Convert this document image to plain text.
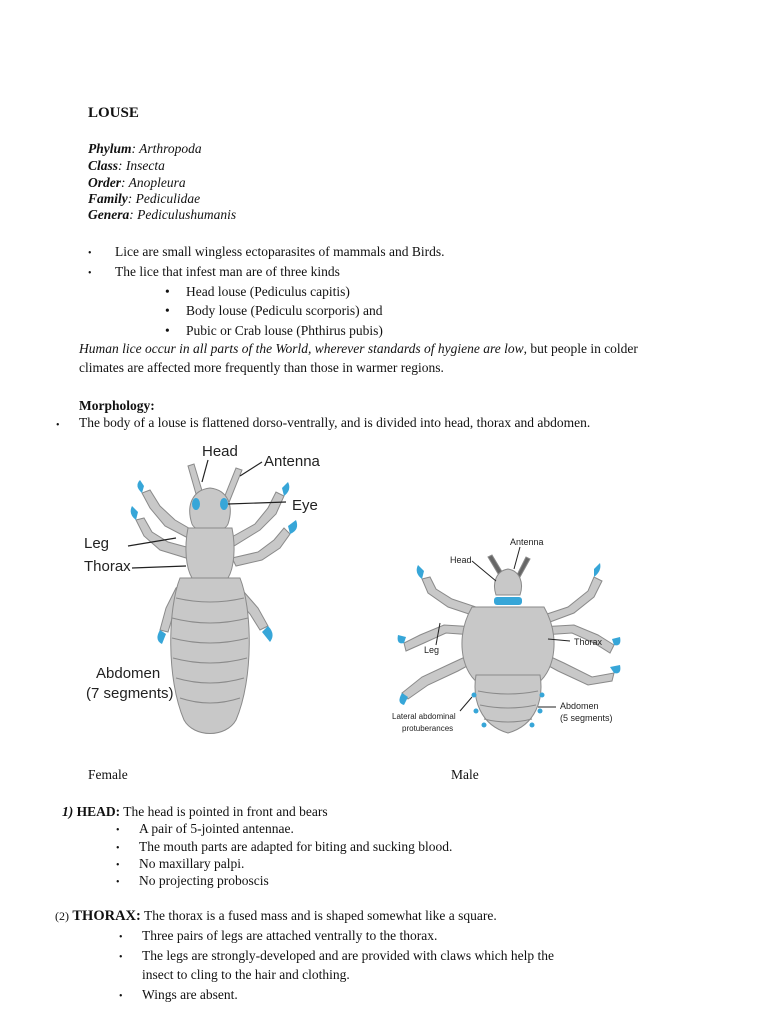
LOUSE
Phylum: Arthropoda
Class: Insecta
Order: Anopleura
Family: Pediculidae
Genera: Pediculushumanis
• Lice are small wingless ectoparasites of mammals and Birds.
• The lice that infest man are of three kinds
• Head louse (Pediculus capitis)
• Body louse (Pediculu scorporis) and
• Pubic or Crab louse (Phthirus pubis)
Human lice occur in all parts of the World, wherever standards of hygiene are low, but people in colder
climates are affected more frequently than those in warmer regions.
Morphology:
• The body of a louse is flattened dorso-ventrally, and is divided into head, thorax and abdomen.
Head
Antenna
Eye
Leg
Thorax
Abdomen
(7 segments)
Antenna
Head
Leg
Thorax
Abdomen
(5 segments)
Lateral abdominal
protuberances
Female	Male
1) HEAD: The head is pointed in front and bears
• A pair of 5-jointed antennae.
• The mouth parts are adapted for biting and sucking blood.
• No maxillary palpi.
• No projecting proboscis
(2) THORAX: The thorax is a fused mass and is shaped somewhat like a square.
• Three pairs of legs are attached ventrally to the thorax.
• The legs are strongly-developed and are provided with claws which help the
insect to cling to the hair and clothing.
• Wings are absent.
